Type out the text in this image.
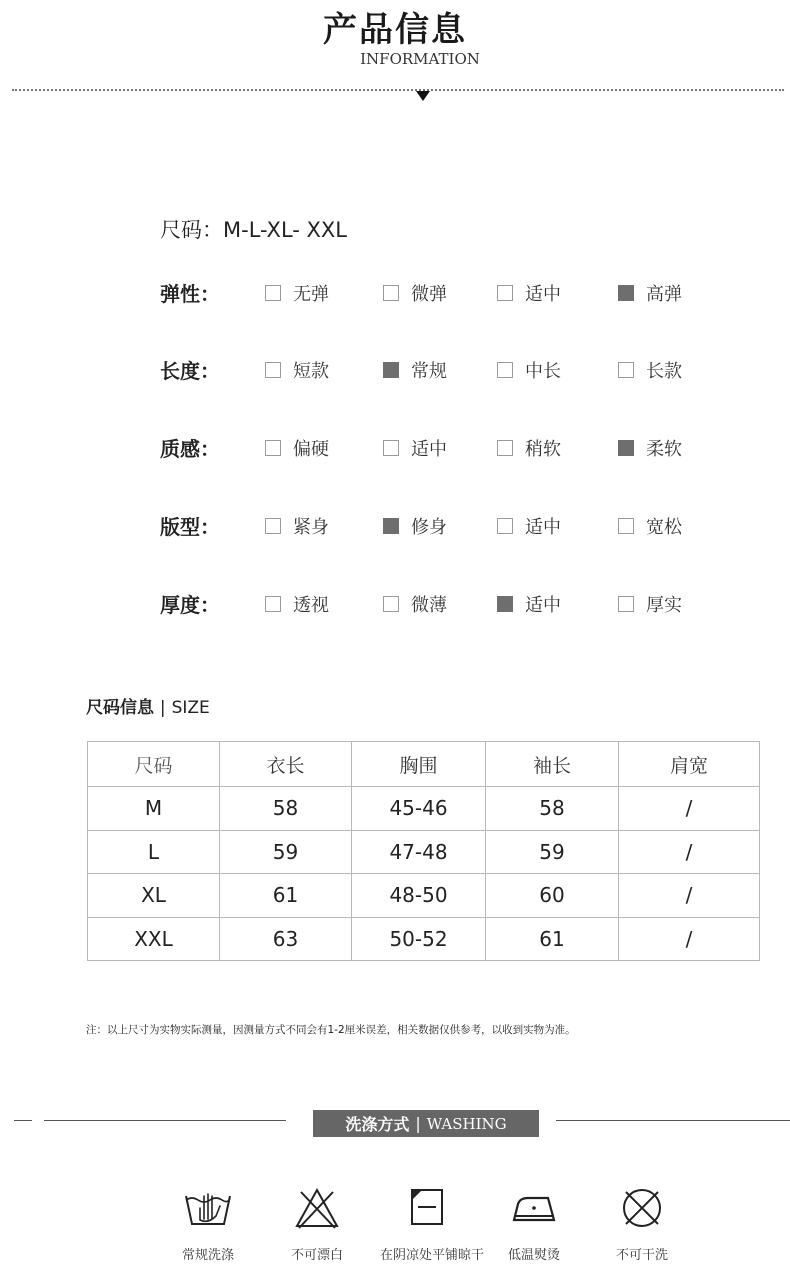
产品信息
INFORMATION
尺码：M-L-XL- XXL
弹性：	无弹	微弹	适中	高弹
长度：	短款	常规	中长	长款
质感：	偏硬	适中	稍软	柔软
版型：	紧身	修身	适中	宽松
厚度：	透视	微薄	适中	厚实
尺码信息 | SIZE
尺码	衣长	胸围	袖长	肩宽
M	58	45-46	58	/
L	59	47-48	59	/
XL	61	48-50	60	/
XXL	63	50-52	61	/
注：以上尺寸为实物实际测量，因测量方式不同会有1-2厘米误差，相关数据仅供参考，以收到实物为准。
洗涤方式 | WASHING
常规洗涤	不可漂白	在阴凉处平铺晾干	低温熨烫	不可干洗
